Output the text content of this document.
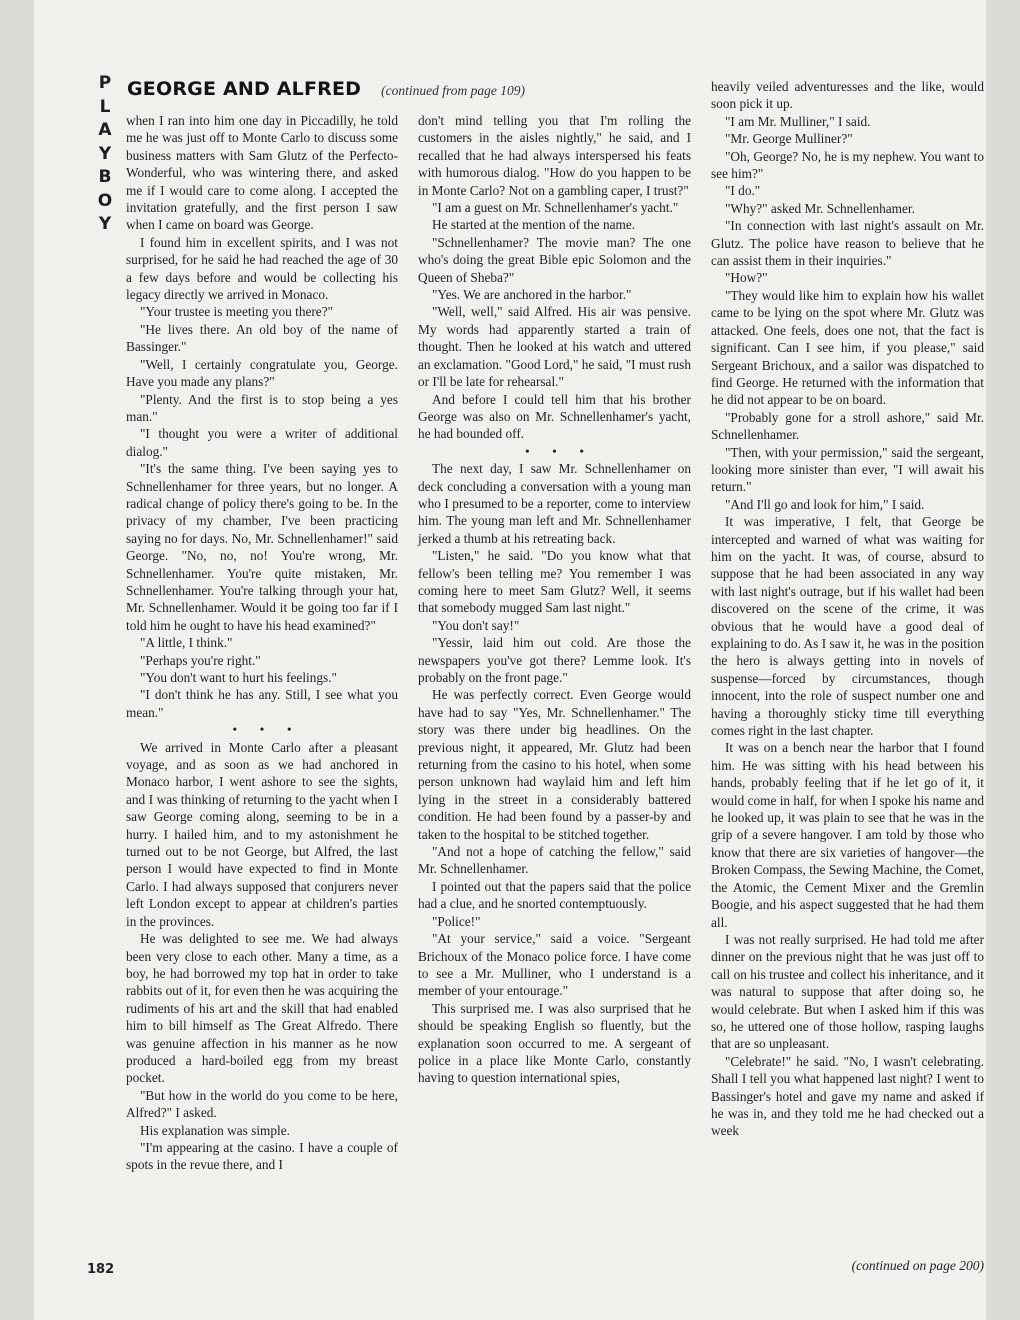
P
L
A
Y
B
O
Y
GEORGE AND ALFRED (continued from page 109)

when I ran into him one day in Piccadilly, he told me he was just off to Monte Carlo to discuss some business matters with Sam Glutz of the Perfecto-Wonderful, who was wintering there, and asked me if I would care to come along. I accepted the invitation gratefully, and the first person I saw when I came on board was George.

I found him in excellent spirits, and I was not surprised, for he said he had reached the age of 30 a few days before and would be collecting his legacy directly we arrived in Monaco.

"Your trustee is meeting you there?"

"He lives there. An old boy of the name of Bassinger."

"Well, I certainly congratulate you, George. Have you made any plans?"

"Plenty. And the first is to stop being a yes man."

"I thought you were a writer of additional dialog."

"It's the same thing. I've been saying yes to Schnellenhamer for three years, but no longer. A radical change of policy there's going to be. In the privacy of my chamber, I've been practicing saying no for days. No, Mr. Schnellenhamer!" said George. "No, no, no! You're wrong, Mr. Schnellenhamer. You're quite mistaken, Mr. Schnellenhamer. You're talking through your hat, Mr. Schnellenhamer. Would it be going too far if I told him he ought to have his head examined?"

"A little, I think."

"Perhaps you're right."

"You don't want to hurt his feelings."

"I don't think he has any. Still, I see what you mean."

• • •

We arrived in Monte Carlo after a pleasant voyage, and as soon as we had anchored in Monaco harbor, I went ashore to see the sights, and I was thinking of returning to the yacht when I saw George coming along, seeming to be in a hurry. I hailed him, and to my astonishment he turned out to be not George, but Alfred, the last person I would have expected to find in Monte Carlo. I had always supposed that conjurers never left London except to appear at children's parties in the provinces.

He was delighted to see me. We had always been very close to each other. Many a time, as a boy, he had borrowed my top hat in order to take rabbits out of it, for even then he was acquiring the rudiments of his art and the skill that had enabled him to bill himself as The Great Alfredo. There was genuine affection in his manner as he now produced a hard-boiled egg from my breast pocket.

"But how in the world do you come to be here, Alfred?" I asked.

His explanation was simple.

"I'm appearing at the casino. I have a couple of spots in the revue there, and I

don't mind telling you that I'm rolling the customers in the aisles nightly," he said, and I recalled that he had always interspersed his feats with humorous dialog. "How do you happen to be in Monte Carlo? Not on a gambling caper, I trust?"

"I am a guest on Mr. Schnellenhamer's yacht."

He started at the mention of the name.

"Schnellenhamer? The movie man? The one who's doing the great Bible epic Solomon and the Queen of Sheba?"

"Yes. We are anchored in the harbor."

"Well, well," said Alfred. His air was pensive. My words had apparently started a train of thought. Then he looked at his watch and uttered an exclamation. "Good Lord," he said, "I must rush or I'll be late for rehearsal."

And before I could tell him that his brother George was also on Mr. Schnellenhamer's yacht, he had bounded off.

• • •

The next day, I saw Mr. Schnellenhamer on deck concluding a conversation with a young man who I presumed to be a reporter, come to interview him. The young man left and Mr. Schnellenhamer jerked a thumb at his retreating back.

"Listen," he said. "Do you know what that fellow's been telling me? You remember I was coming here to meet Sam Glutz? Well, it seems that somebody mugged Sam last night."

"You don't say!"

"Yessir, laid him out cold. Are those the newspapers you've got there? Lemme look. It's probably on the front page."

He was perfectly correct. Even George would have had to say "Yes, Mr. Schnellenhamer." The story was there under big headlines. On the previous night, it appeared, Mr. Glutz had been returning from the casino to his hotel, when some person unknown had waylaid him and left him lying in the street in a considerably battered condition. He had been found by a passer-by and taken to the hospital to be stitched together.

"And not a hope of catching the fellow," said Mr. Schnellenhamer.

I pointed out that the papers said that the police had a clue, and he snorted contemptuously.

"Police!"

"At your service," said a voice. "Sergeant Brichoux of the Monaco police force. I have come to see a Mr. Mulliner, who I understand is a member of your entourage."

This surprised me. I was also surprised that he should be speaking English so fluently, but the explanation soon occurred to me. A sergeant of police in a place like Monte Carlo, constantly having to question international spies,

heavily veiled adventuresses and the like, would soon pick it up.

"I am Mr. Mulliner," I said.

"Mr. George Mulliner?"

"Oh, George? No, he is my nephew. You want to see him?"

"I do."

"Why?" asked Mr. Schnellenhamer.

"In connection with last night's assault on Mr. Glutz. The police have reason to believe that he can assist them in their inquiries."

"How?"

"They would like him to explain how his wallet came to be lying on the spot where Mr. Glutz was attacked. One feels, does one not, that the fact is significant. Can I see him, if you please," said Sergeant Brichoux, and a sailor was dispatched to find George. He returned with the information that he did not appear to be on board.

"Probably gone for a stroll ashore," said Mr. Schnellenhamer.

"Then, with your permission," said the sergeant, looking more sinister than ever, "I will await his return."

"And I'll go and look for him," I said.

It was imperative, I felt, that George be intercepted and warned of what was waiting for him on the yacht. It was, of course, absurd to suppose that he had been associated in any way with last night's outrage, but if his wallet had been discovered on the scene of the crime, it was obvious that he would have a good deal of explaining to do. As I saw it, he was in the position the hero is always getting into in novels of suspense—forced by circumstances, though innocent, into the role of suspect number one and having a thoroughly sticky time till everything comes right in the last chapter.

It was on a bench near the harbor that I found him. He was sitting with his head between his hands, probably feeling that if he let go of it, it would come in half, for when I spoke his name and he looked up, it was plain to see that he was in the grip of a severe hangover. I am told by those who know that there are six varieties of hangover—the Broken Compass, the Sewing Machine, the Comet, the Atomic, the Cement Mixer and the Gremlin Boogie, and his aspect suggested that he had them all.

I was not really surprised. He had told me after dinner on the previous night that he was just off to call on his trustee and collect his inheritance, and it was natural to suppose that after doing so, he would celebrate. But when I asked him if this was so, he uttered one of those hollow, rasping laughs that are so unpleasant.

"Celebrate!" he said. "No, I wasn't celebrating. Shall I tell you what happened last night? I went to Bassinger's hotel and gave my name and asked if he was in, and they told me he had checked out a week

182	(continued on page 200)
